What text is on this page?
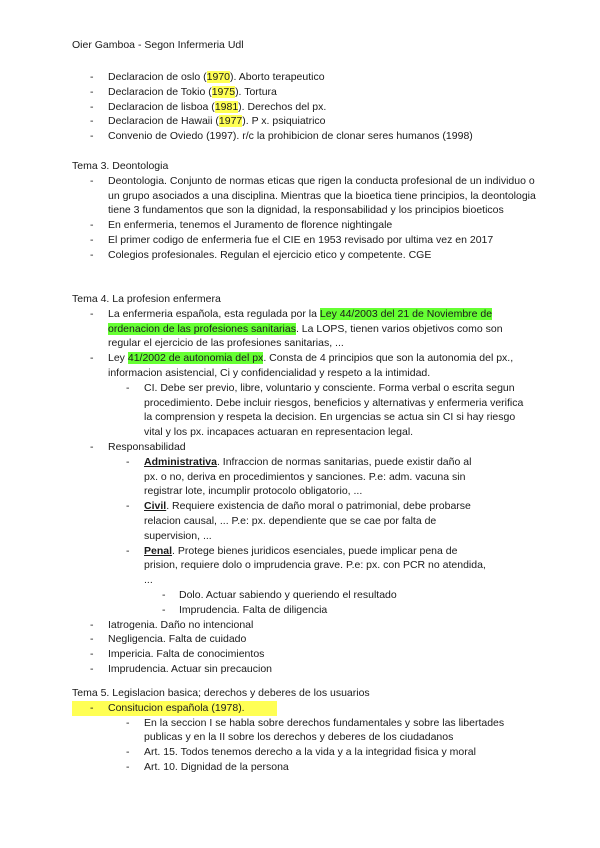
Oier Gamboa - Segon Infermeria Udl
- Declaracion de oslo (1970). Aborto terapeutico
- Declaracion de Tokio (1975). Tortura
- Declaracion de lisboa (1981). Derechos del px.
- Declaracion de Hawaii (1977). P x. psiquiatrico
- Convenio de Oviedo (1997). r/c la prohibicion de clonar seres humanos (1998)
Tema 3. Deontologia
- Deontologia. Conjunto de normas eticas que rigen la conducta profesional de un individuo o un grupo asociados a una disciplina. Mientras que la bioetica tiene principios, la deontologia tiene 3 fundamentos que son la dignidad, la responsabilidad y los principios bioeticos
- En enfermeria, tenemos el Juramento de florence nightingale
- El primer codigo de enfermeria fue el CIE en 1953 revisado por ultima vez en 2017
- Colegios profesionales. Regulan el ejercicio etico y competente. CGE
Tema 4. La profesion enfermera
- La enfermeria española, esta regulada por la Ley 44/2003 del 21 de Noviembre de ordenacion de las profesiones sanitarias. La LOPS, tienen varios objetivos como son regular el ejercicio de las profesiones sanitarias, ...
- Ley 41/2002 de autonomia del px. Consta de 4 principios que son la autonomia del px., informacion asistencial, Ci y confidencialidad y respeto a la intimidad.
- CI. Debe ser previo, libre, voluntario y consciente. Forma verbal o escrita segun procedimiento. Debe incluir riesgos, beneficios y alternativas y enfermeria verifica la comprension y respeta la decision. En urgencias se actua sin CI si hay riesgo vital y los px. incapaces actuaran en representacion legal.
- Responsabilidad
- Administrativa. Infraccion de normas sanitarias, puede existir daño al px. o no, deriva en procedimientos y sanciones. P.e: adm. vacuna sin registrar lote, incumplir protocolo obligatorio, ...
- Civil. Requiere existencia de daño moral o patrimonial, debe probarse relacion causal, ... P.e: px. dependiente que se cae por falta de supervision, ...
- Penal. Protege bienes juridicos esenciales, puede implicar pena de prision, requiere dolo o imprudencia grave. P.e: px. con PCR no atendida, ...
- Dolo. Actuar sabiendo y queriendo el resultado
- Imprudencia. Falta de diligencia
- Iatrogenia. Daño no intencional
- Negligencia. Falta de cuidado
- Impericia. Falta de conocimientos
- Imprudencia. Actuar sin precaucion
Tema 5. Legislacion basica; derechos y deberes de los usuarios
- Consitucion española (1978).
- En la seccion I se habla sobre derechos fundamentales y sobre las libertades publicas y en la II sobre los derechos y deberes de los ciudadanos
- Art. 15. Todos tenemos derecho a la vida y a la integridad fisica y moral
- Art. 10. Dignidad de la persona
